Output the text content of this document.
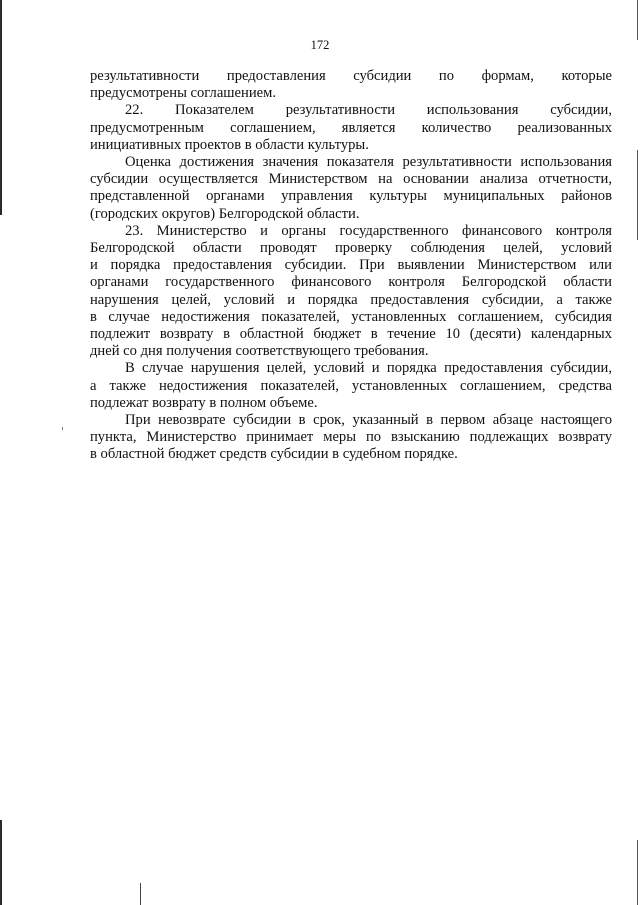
172
результативности предоставления субсидии по формам, которые
предусмотрены соглашением.
22. Показателем результативности использования субсидии,
предусмотренным соглашением, является количество реализованных
инициативных проектов в области культуры.
Оценка достижения значения показателя результативности использования
субсидии осуществляется Министерством на основании анализа отчетности,
представленной органами управления культуры муниципальных районов
(городских округов) Белгородской области.
23. Министерство и органы государственного финансового контроля
Белгородской области проводят проверку соблюдения целей, условий
и порядка предоставления субсидии. При выявлении Министерством или
органами государственного финансового контроля Белгородской области
нарушения целей, условий и порядка предоставления субсидии, а также
в случае недостижения показателей, установленных соглашением, субсидия
подлежит возврату в областной бюджет в течение 10 (десяти) календарных
дней со дня получения соответствующего требования.
В случае нарушения целей, условий и порядка предоставления субсидии,
а также недостижения показателей, установленных соглашением, средства
подлежат возврату в полном объеме.
При невозврате субсидии в срок, указанный в первом абзаце настоящего
пункта, Министерство принимает меры по взысканию подлежащих возврату
в областной бюджет средств субсидии в судебном порядке.
